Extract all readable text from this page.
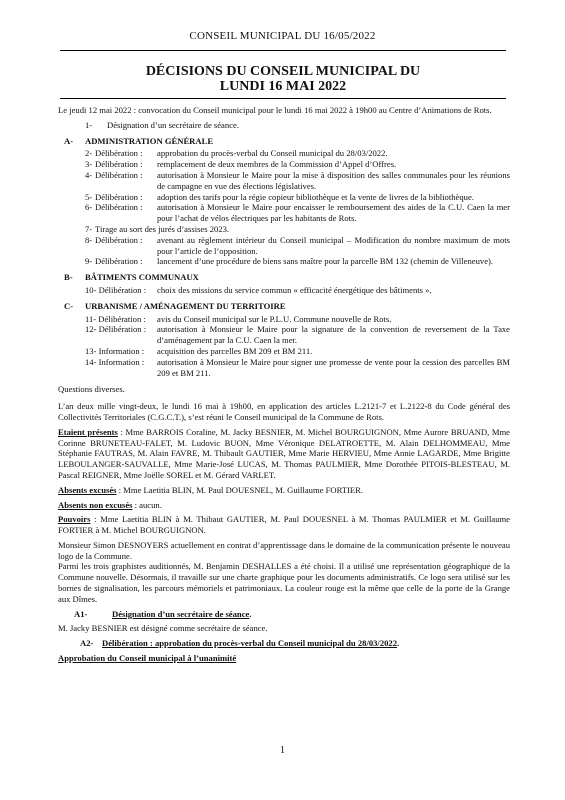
CONSEIL MUNICIPAL DU 16/05/2022
DÉCISIONS DU CONSEIL MUNICIPAL DU
LUNDI 16 MAI 2022

Le jeudi 12 mai 2022 : convocation du Conseil municipal pour le lundi 16 mai 2022 à 19h00 au Centre d’Animations de Rots.

1-	Désignation d’un secrétaire de séance.
A-	ADMINISTRATION GÉNÉRALE
2- Délibération :	approbation du procès-verbal du Conseil municipal du 28/03/2022.
3- Délibération :	remplacement de deux membres de la Commission d’Appel d’Offres.
4- Délibération :	autorisation à Monsieur le Maire pour la mise à disposition des salles communales pour les réunions de campagne en vue des élections législatives.
5- Délibération :	adoption des tarifs pour la régie copieur bibliothèque et la vente de livres de la bibliothèque.
6- Délibération :	autorisation à Monsieur le Maire pour encaisser le remboursement des aides de la C.U. Caen la mer pour l’achat de vélos électriques par les habitants de Rots.
7- Tirage au sort des jurés d’assises 2023.
8- Délibération :	avenant au règlement intérieur du Conseil municipal – Modification du nombre maximum de mots pour l’article de l’opposition.
9- Délibération :	lancement d’une procédure de biens sans maître pour la parcelle BM 132 (chemin de Villeneuve).
B-	BÂTIMENTS COMMUNAUX
10- Délibération :	choix des missions du service commun « efficacité énergétique des bâtiments ».
C-	URBANISME / AMÉNAGEMENT DU TERRITOIRE
11- Délibération :	avis du Conseil municipal sur le P.L.U. Commune nouvelle de Rots.
12- Délibération :	autorisation à Monsieur le Maire pour la signature de la convention de reversement de la Taxe d’aménagement par la C.U. Caen la mer.
13- Information :	acquisition des parcelles BM 209 et BM 211.
14- Information :	autorisation à Monsieur le Maire pour signer une promesse de vente pour la cession des parcelles BM 209 et BM 211.

Questions diverses.

L’an deux mille vingt-deux, le lundi 16 mai à 19h00, en application des articles L.2121-7 et L.2122-8 du Code général des Collectivités Territoriales (C.G.C.T.), s’est réuni le Conseil municipal de la Commune de Rots.

Etaient présents : Mme BARROIS Coraline, M. Jacky BESNIER, M. Michel BOURGUIGNON, Mme Aurore BRUAND, Mme Corinne BRUNETEAU-FALET, M. Ludovic BUON, Mme Véronique DELATROETTE, M. Alain DELHOMMEAU, Mme Stéphanie FAUTRAS, M. Alain FAVRE, M. Thibault GAUTIER, Mme Marie HERVIEU, Mme Annie LAGARDE, Mme Brigitte LEBOULANGER-SAUVALLE, Mme Marie-José LUCAS, M. Thomas PAULMIER, Mme Dorothée PITOIS-BLESTEAU, M. Pascal REIGNER, Mme Joëlle SOREL et M. Gérard VARLET.

Absents excusés : Mme Laetitia BLIN, M. Paul DOUESNEL, M. Guillaume FORTIER.

Absents non excusés : aucun.

Pouvoirs : Mme Laetitia BLIN à M. Thibaut GAUTIER, M. Paul DOUESNEL à M. Thomas PAULMIER et M. Guillaume FORTIER à M. Michel BOURGUIGNON.

Monsieur Simon DESNOYERS actuellement en contrat d’apprentissage dans le domaine de la communication présente le nouveau logo de la Commune.

Parmi les trois graphistes auditionnés, M. Benjamin DESHALLES a été choisi. Il a utilisé une représentation géographique de la Commune nouvelle. Désormais, il travaille sur une charte graphique pour les documents administratifs. Ce logo sera utilisé sur les bornes de signalisation, les parcours mémoriels et patrimoniaux. La couleur rouge est la même que celle de la porte de la Grange aux Dîmes.

A1-	Désignation d’un secrétaire de séance.

M. Jacky BESNIER est désigné comme secrétaire de séance.

A2-	Délibération : approbation du procès-verbal du Conseil municipal du 28/03/2022.

Approbation du Conseil municipal à l’unanimité

1
